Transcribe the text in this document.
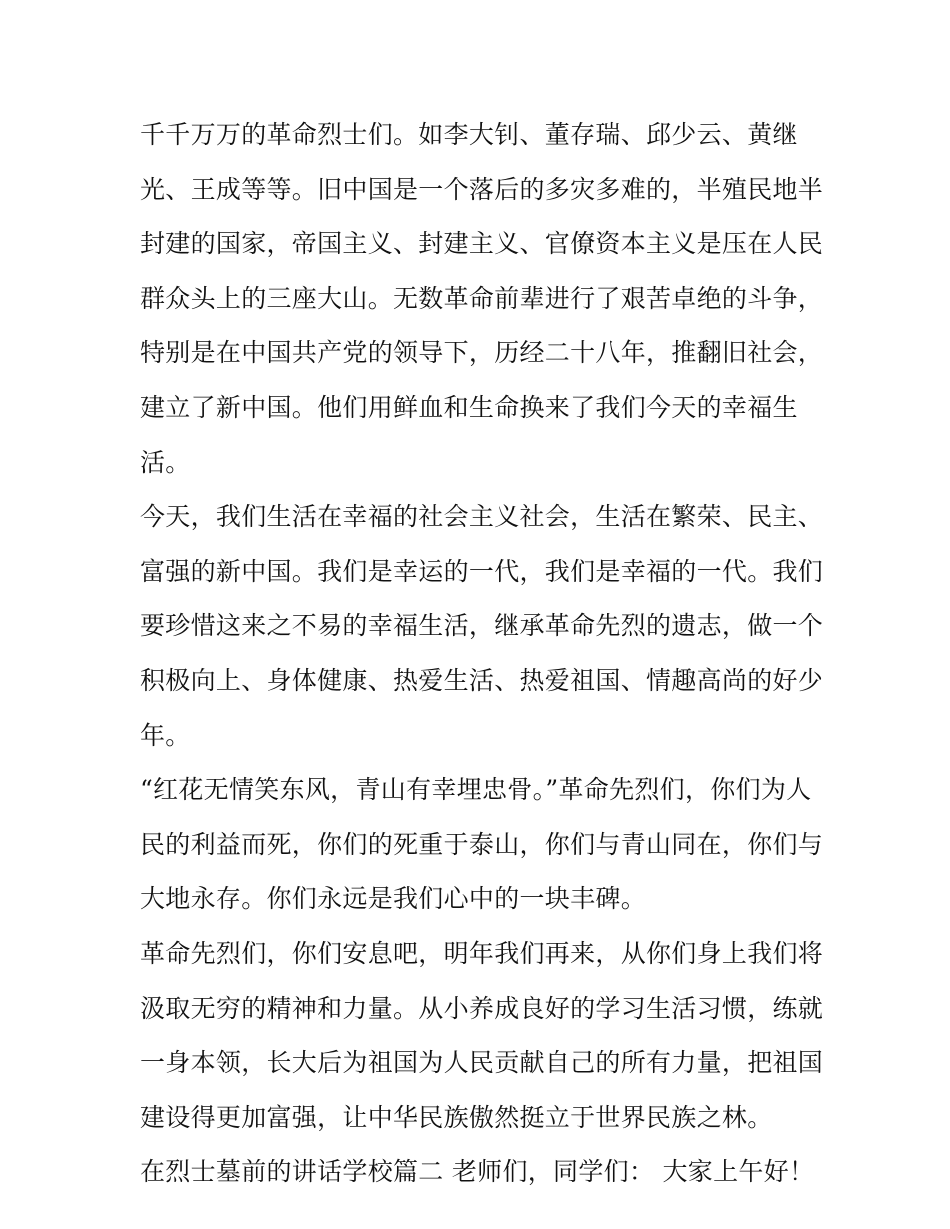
千千万万的革命烈士们。如李大钊、董存瑞、邱少云、黄继
光、王成等等。旧中国是一个落后的多灾多难的，半殖民地半
封建的国家，帝国主义、封建主义、官僚资本主义是压在人民
群众头上的三座大山。无数革命前辈进行了艰苦卓绝的斗争，
特别是在中国共产党的领导下，历经二十八年，推翻旧社会，
建立了新中国。他们用鲜血和生命换来了我们今天的幸福生
活。
今天，我们生活在幸福的社会主义社会，生活在繁荣、民主、
富强的新中国。我们是幸运的一代，我们是幸福的一代。我们
要珍惜这来之不易的幸福生活，继承革命先烈的遗志，做一个
积极向上、身体健康、热爱生活、热爱祖国、情趣高尚的好少
年。
“红花无情笑东风，青山有幸埋忠骨。”革命先烈们，你们为人
民的利益而死，你们的死重于泰山，你们与青山同在，你们与
大地永存。你们永远是我们心中的一块丰碑。
革命先烈们，你们安息吧，明年我们再来，从你们身上我们将
汲取无穷的精神和力量。从小养成良好的学习生活习惯，练就
一身本领，长大后为祖国为人民贡献自己的所有力量，把祖国
建设得更加富强，让中华民族傲然挺立于世界民族之林。
在烈士墓前的讲话学校篇二 老师们，同学们： 大家上午好！
